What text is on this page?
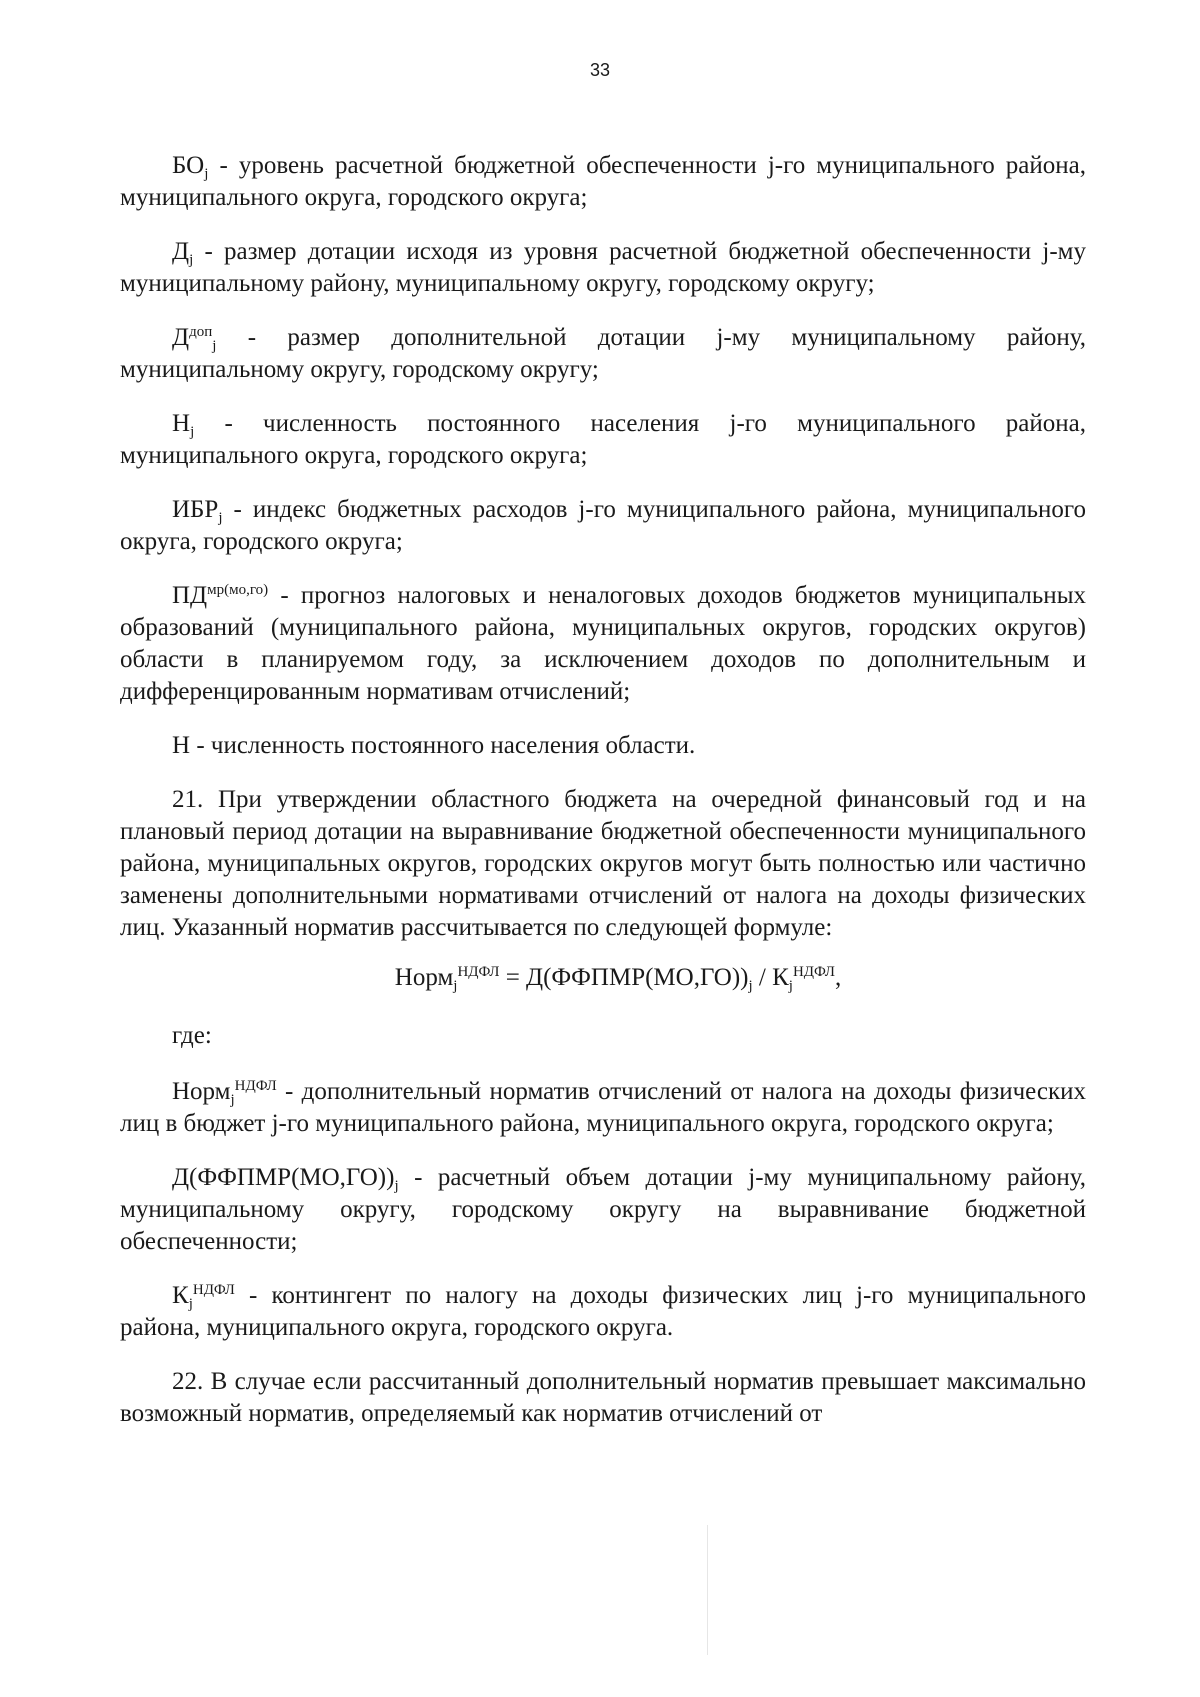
33

$БО_j$ - уровень расчетной бюджетной обеспеченности j-го муниципального района, муниципального округа, городского округа;

$Д_j$ - размер дотации исходя из уровня расчетной бюджетной обеспеченности j-му муниципальному району, муниципальному округу, городскому округу;

$Д^{доп}_j$ - размер дополнительной дотации j-му муниципальному району, муниципальному округу, городскому округу;

$Н_j$ - численность постоянного населения j-го муниципального района, муниципального округа, городского округа;

$ИБР_j$ - индекс бюджетных расходов j-го муниципального района, муниципального округа, городского округа;

$ПД^{мр(мо,го)}$ - прогноз налоговых и неналоговых доходов бюджетов муниципальных образований (муниципального района, муниципальных округов, городских округов) области в планируемом году, за исключением доходов по дополнительным и дифференцированным нормативам отчислений;

Н - численность постоянного населения области.

21. При утверждении областного бюджета на очередной финансовый год и на плановый период дотации на выравнивание бюджетной обеспеченности муниципального района, муниципальных округов, городских округов могут быть полностью или частично заменены дополнительными нормативами отчислений от налога на доходы физических лиц. Указанный норматив рассчитывается по следующей формуле:

Норм$_j^{НДФЛ}$ = $Д(ФФПМР(МО,ГО))_j / К_j^{НДФЛ}$,

где:

Норм$_j^{НДФЛ}$ - дополнительный норматив отчислений от налога на доходы физических лиц в бюджет j-го муниципального района, муниципального округа, городского округа;

$Д(ФФПМР(МО,ГО))_j$ - расчетный объем дотации j-му муниципальному району, муниципальному округу, городскому округу на выравнивание бюджетной обеспеченности;

$К_j^{НДФЛ}$ - контингент по налогу на доходы физических лиц j-го муниципального района, муниципального округа, городского округа.

22. В случае если рассчитанный дополнительный норматив превышает максимально возможный норматив, определяемый как норматив отчислений от
